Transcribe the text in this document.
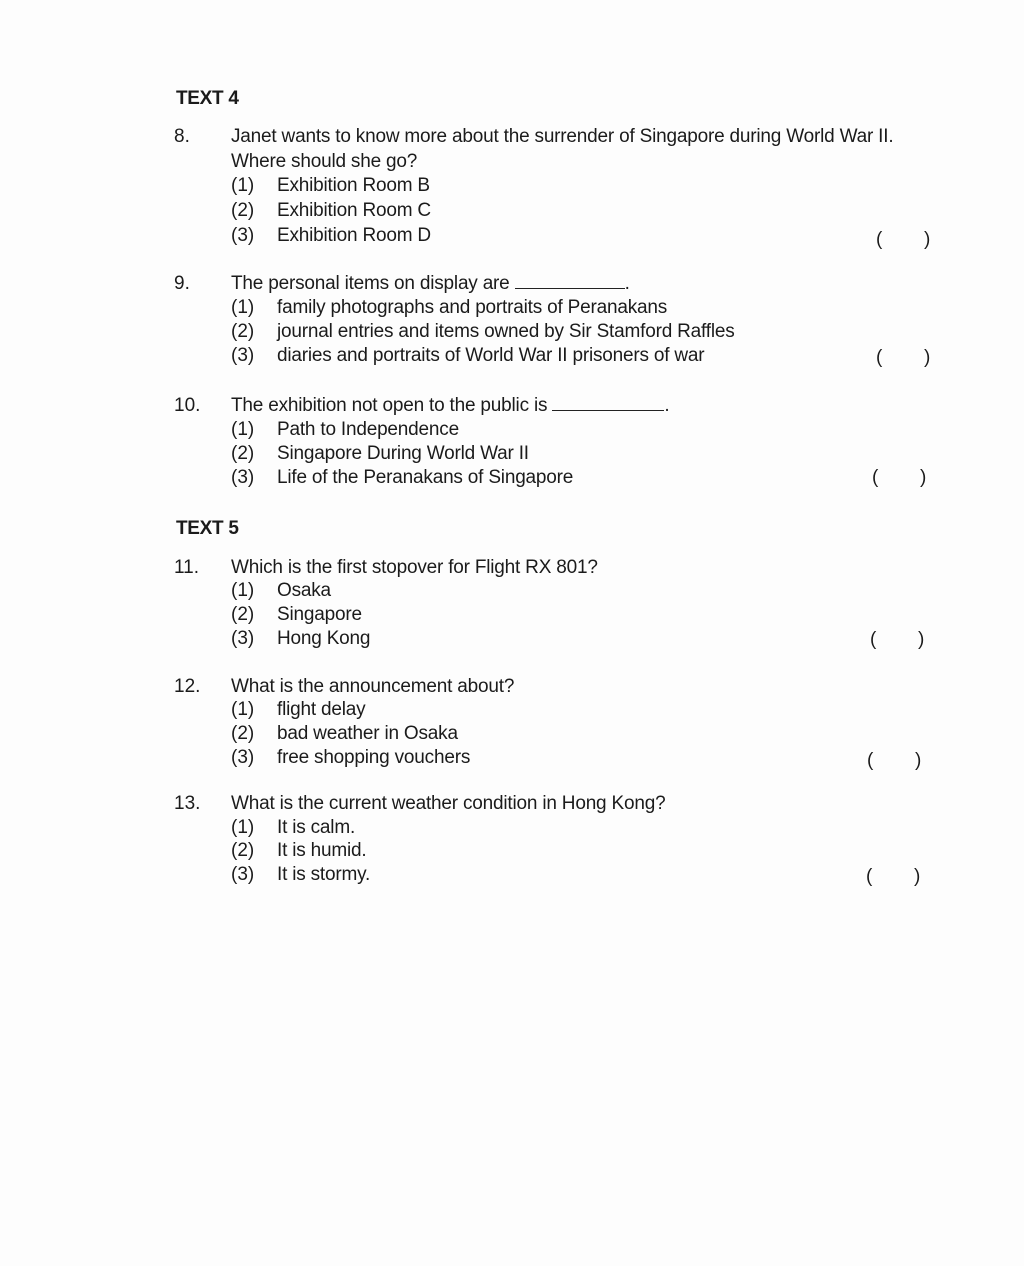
TEXT 4
8. Janet wants to know more about the surrender of Singapore during World War II.
Where should she go?
(1) Exhibition Room B
(2) Exhibition Room C
(3) Exhibition Room D	( )
9. The personal items on display are	.
(1) family photographs and portraits of Peranakans
(2) journal entries and items owned by Sir Stamford Raffles
(3) diaries and portraits of World War II prisoners of war	( )
10. The exhibition not open to the public is	.
(1) Path to Independence
(2) Singapore During World War II
(3) Life of the Peranakans of Singapore	( )
TEXT 5
11. Which is the first stopover for Flight RX 801?
(1) Osaka
(2) Singapore
(3) Hong Kong	( )
12. What is the announcement about?
(1) flight delay
(2) bad weather in Osaka
(3) free shopping vouchers	( )
13. What is the current weather condition in Hong Kong?
(1) It is calm.
(2) It is humid.
(3) It is stormy.	( )
